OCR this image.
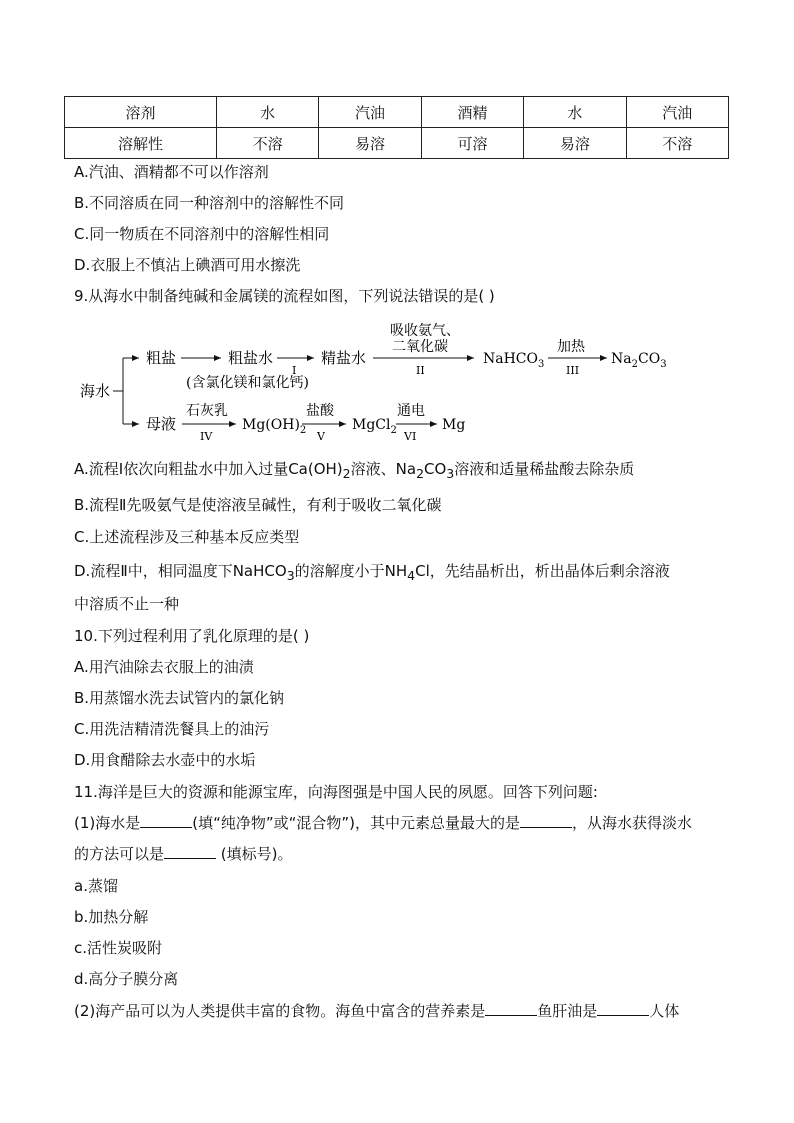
溶剂	水	汽油	酒精	水	汽油
溶解性	不溶	易溶	可溶	易溶	不溶
A.汽油、酒精都不可以作溶剂
B.不同溶质在同一种溶剂中的溶解性不同
C.同一物质在不同溶剂中的溶解性相同
D.衣服上不慎沾上碘酒可用水擦洗
9.从海水中制备纯碱和金属镁的流程如图，下列说法错误的是( )
海水
粗盐	粗盐水
I
(含氯化镁和氯化钙)
精盐水
吸收氨气、
二氧化碳
II
NaHCO$_3$
加热
III
$Na_2CO_3$
母液
石灰乳
IV
$Mg(OH)_2$
盐酸
V
MgCl$_2$
通电
VI
Mg
A.流程Ⅰ依次向粗盐水中加入过量$Ca(OH)_2$溶液、$Na_2CO_3$溶液和适量稀盐酸去除杂质
B.流程Ⅱ先吸氨气是使溶液呈碱性，有利于吸收二氧化碳
C.上述流程涉及三种基本反应类型
D.流程Ⅱ中，相同温度下NaHCO$_3$的溶解度小于$NH_4Cl$，先结晶析出，析出晶体后剩余溶液
中溶质不止一种
10.下列过程利用了乳化原理的是( )
A.用汽油除去衣服上的油渍
B.用蒸馏水洗去试管内的氯化钠
C.用洗洁精清洗餐具上的油污
D.用食醋除去水壶中的水垢
11.海洋是巨大的资源和能源宝库，向海图强是中国人民的夙愿。回答下列问题:
(1)海水是	(填“纯净物”或“混合物”)，其中元素总量最大的是	，从海水获得淡水
的方法可以是	(填标号)。
a.蒸馏
b.加热分解
c.活性炭吸附
d.高分子膜分离
(2)海产品可以为人类提供丰富的食物。海鱼中富含的营养素是	鱼肝油是	人体
